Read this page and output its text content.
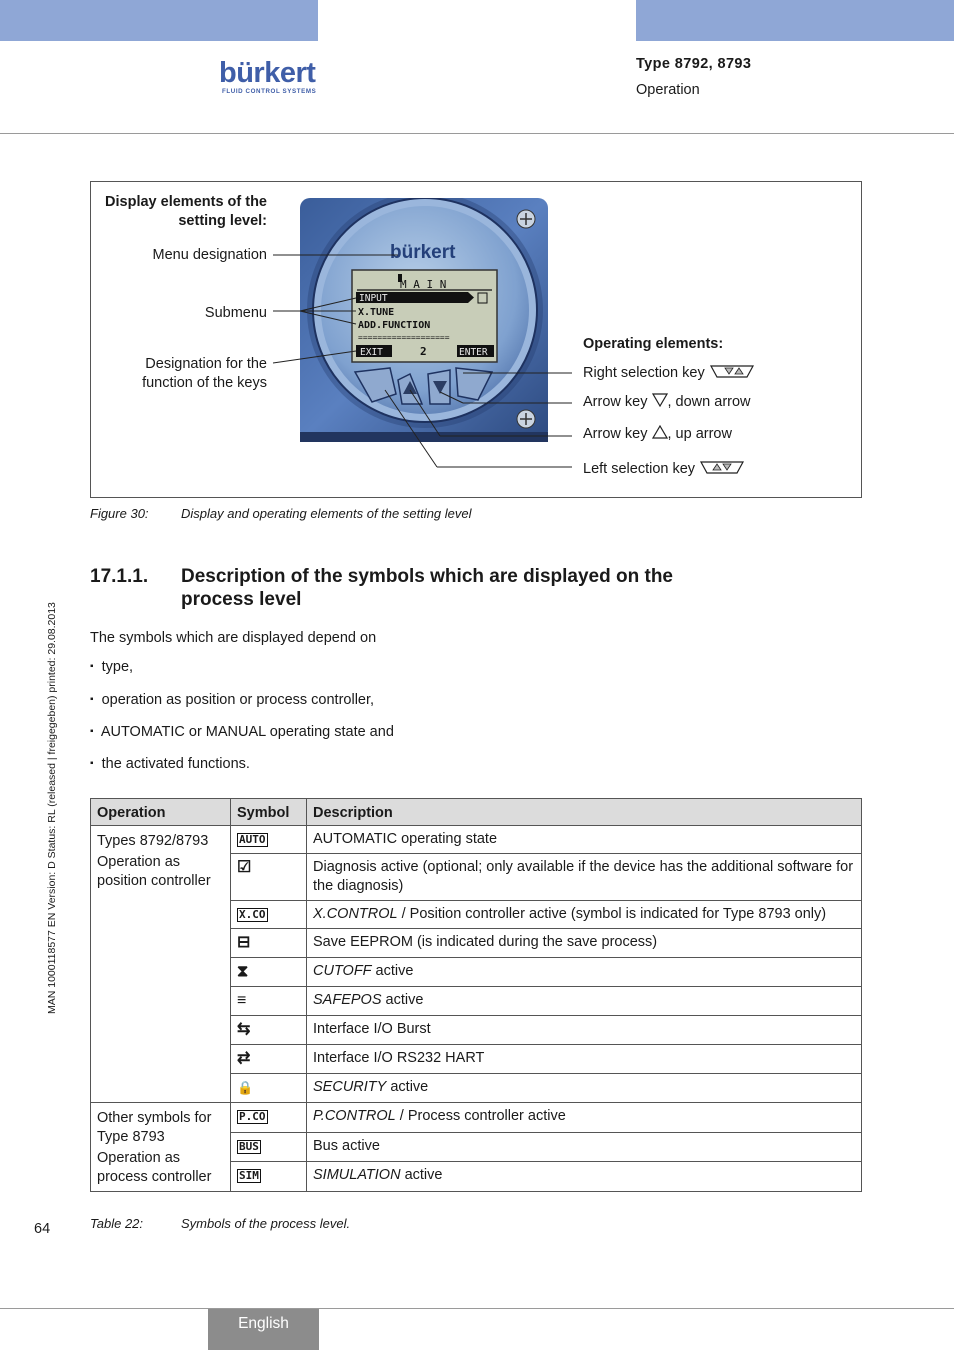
bürkert
FLUID CONTROL SYSTEMS
Type 8792, 8793
Operation
MAN 1000118577 EN Version: D Status: RL (released | freigegeben) printed: 29.08.2013
Display elements of the setting level:
Menu designation
Submenu
Designation for the function of the keys
Operating elements:
Right selection key
Arrow key , down arrow
Arrow key , up arrow
Left selection key
bürkert
M A I N
INPUT
X.TUNE
ADD.FUNCTION
===================
EXIT	2	ENTER
Figure 30: Display and operating elements of the setting level
17.1.1. Description of the symbols which are displayed on the
process level
The symbols which are displayed depend on
▪ type,
▪ operation as position or process controller,
▪ AUTOMATIC or MANUAL operating state and
▪ the activated functions.
Operation	Symbol	Description

Types 8792/8793
Operation as position controller	AUTO	AUTOMATIC operating state
	☑	Diagnosis active (optional; only available if the device has the additional software for the diagnosis)
	X.CO	X.CONTROL / Position controller active (symbol is indicated for Type 8793 only)
	⊟	Save EEPROM (is indicated during the save process)
	⧗	CUTOFF active
	≡	SAFEPOS active
	⇆	Interface I/O Burst
	⇄	Interface I/O RS232 HART
	🔒	SECURITY active

Other symbols for Type 8793
Operation as process controller	P.CO	P.CONTROL / Process controller active
	BUS	Bus active
	SIM	SIMULATION active
64	Table 22:	Symbols of the process level.
English
